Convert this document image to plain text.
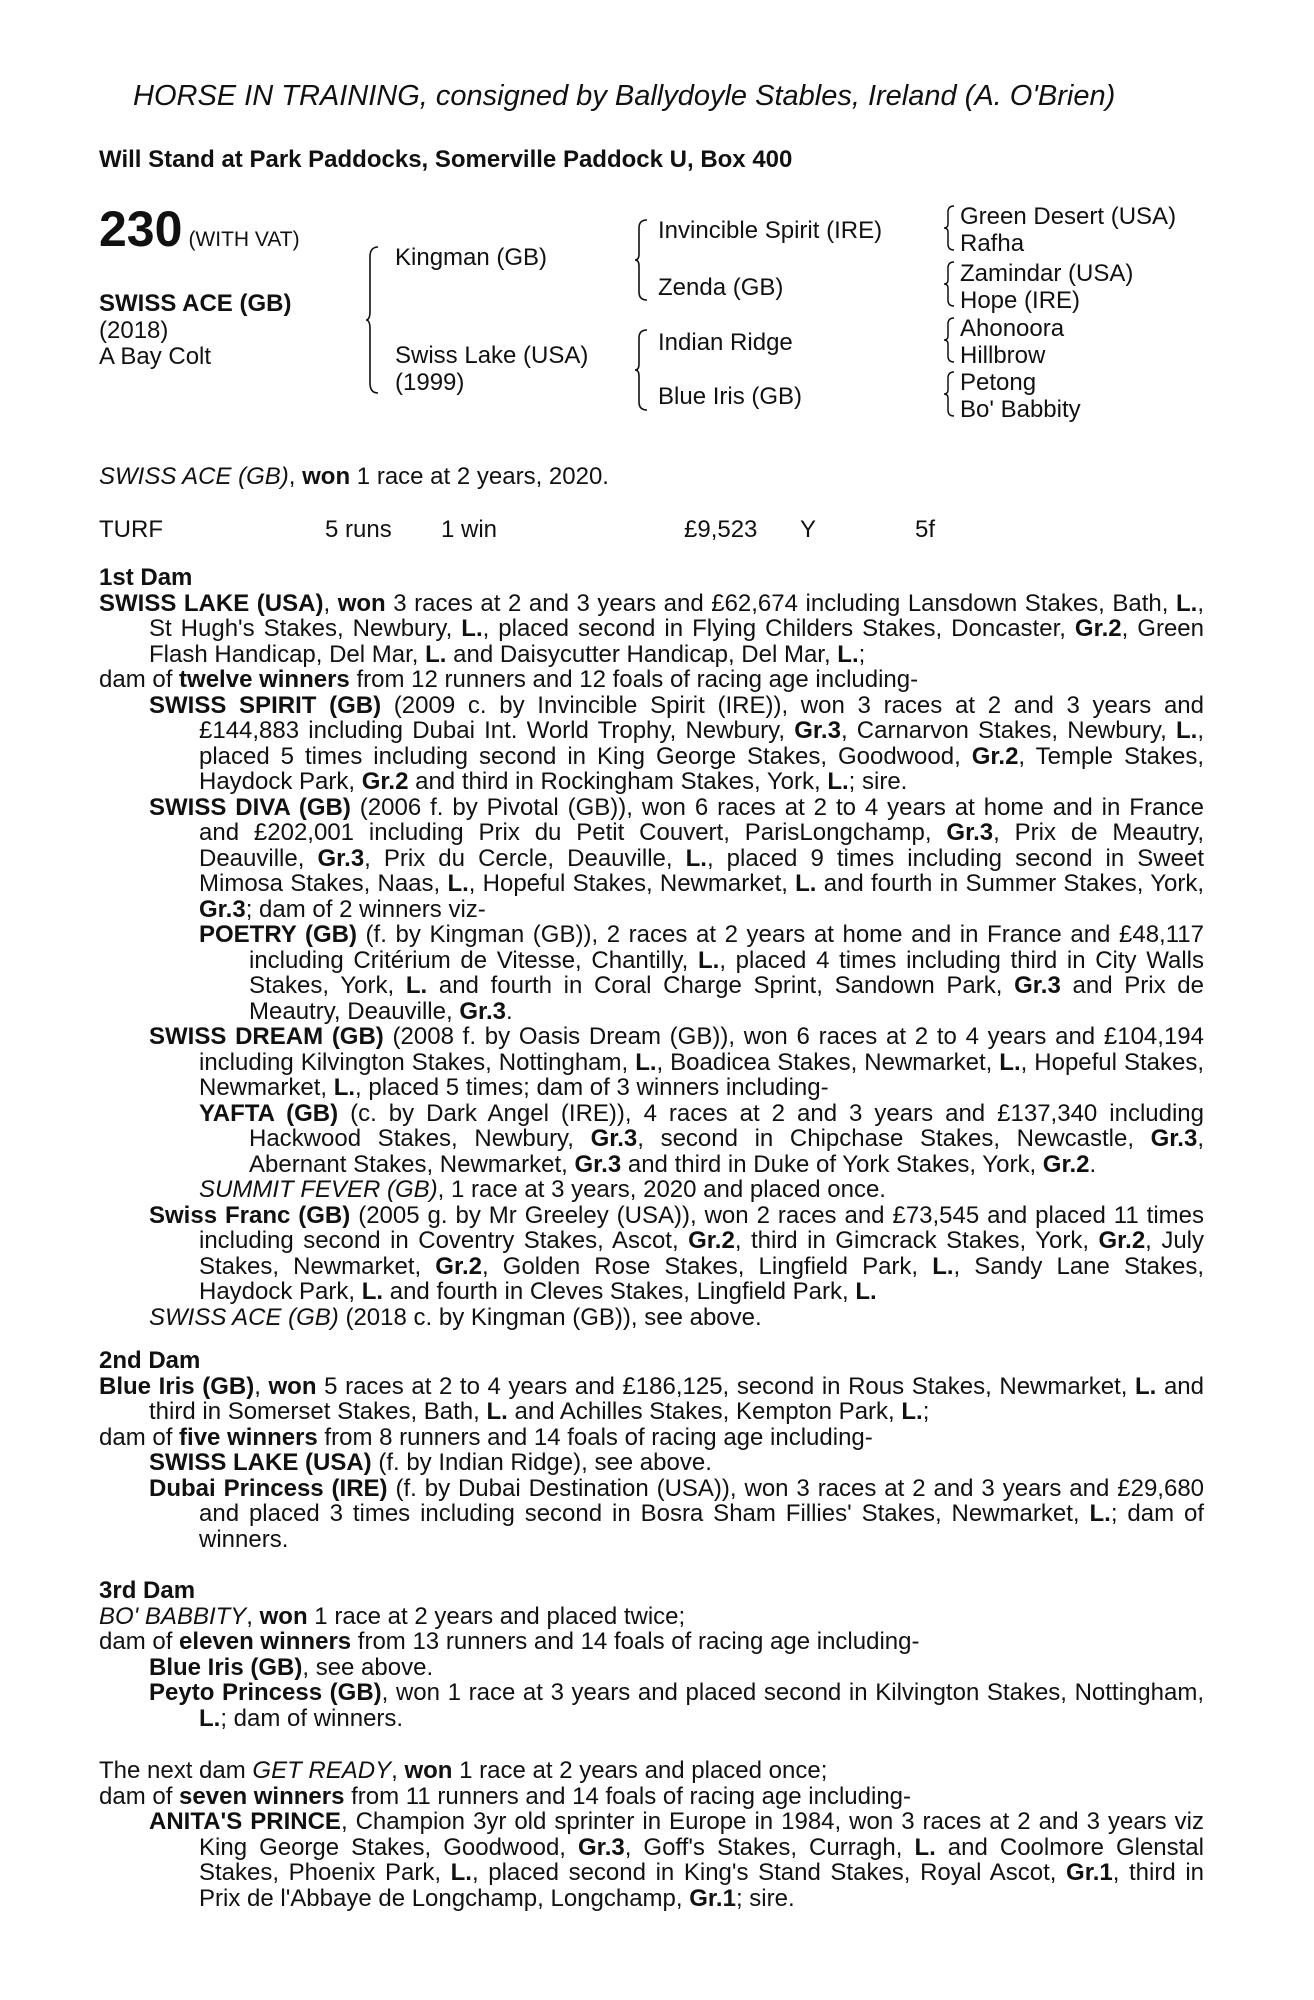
HORSE IN TRAINING, consigned by Ballydoyle Stables, Ireland (A. O'Brien)
Will Stand at Park Paddocks, Somerville Paddock U, Box 400
230 (WITH VAT)
SWISS ACE (GB)
(2018)
A Bay Colt
Kingman (GB)
Swiss Lake (USA)
(1999)
Invincible Spirit (IRE)
Zenda (GB)
Indian Ridge
Blue Iris (GB)
Green Desert (USA)
Rafha
Zamindar (USA)
Hope (IRE)
Ahonoora
Hillbrow
Petong
Bo' Babbity
SWISS ACE (GB), won 1 race at 2 years, 2020.
TURF	5 runs 1 win	£9,523 Y	5f
1st Dam

SWISS LAKE (USA), won 3 races at 2 and 3 years and £62,674 including Lansdown Stakes, Bath, L., St Hugh's Stakes, Newbury, L., placed second in Flying Childers Stakes, Doncaster, Gr.2, Green Flash Handicap, Del Mar, L. and Daisycutter Handicap, Del Mar, L.;

dam of twelve winners from 12 runners and 12 foals of racing age including-

SWISS SPIRIT (GB) (2009 c. by Invincible Spirit (IRE)), won 3 races at 2 and 3 years and £144,883 including Dubai Int. World Trophy, Newbury, Gr.3, Carnarvon Stakes, Newbury, L., placed 5 times including second in King George Stakes, Goodwood, Gr.2, Temple Stakes, Haydock Park, Gr.2 and third in Rockingham Stakes, York, L.; sire.

SWISS DIVA (GB) (2006 f. by Pivotal (GB)), won 6 races at 2 to 4 years at home and in France and £202,001 including Prix du Petit Couvert, ParisLongchamp, Gr.3, Prix de Meautry, Deauville, Gr.3, Prix du Cercle, Deauville, L., placed 9 times including second in Sweet Mimosa Stakes, Naas, L., Hopeful Stakes, Newmarket, L. and fourth in Summer Stakes, York, Gr.3; dam of 2 winners viz-

POETRY (GB) (f. by Kingman (GB)), 2 races at 2 years at home and in France and £48,117 including Critérium de Vitesse, Chantilly, L., placed 4 times including third in City Walls Stakes, York, L. and fourth in Coral Charge Sprint, Sandown Park, Gr.3 and Prix de Meautry, Deauville, Gr.3.

SWISS DREAM (GB) (2008 f. by Oasis Dream (GB)), won 6 races at 2 to 4 years and £104,194 including Kilvington Stakes, Nottingham, L., Boadicea Stakes, Newmarket, L., Hopeful Stakes, Newmarket, L., placed 5 times; dam of 3 winners including-

YAFTA (GB) (c. by Dark Angel (IRE)), 4 races at 2 and 3 years and £137,340 including Hackwood Stakes, Newbury, Gr.3, second in Chipchase Stakes, Newcastle, Gr.3, Abernant Stakes, Newmarket, Gr.3 and third in Duke of York Stakes, York, Gr.2.

SUMMIT FEVER (GB), 1 race at 3 years, 2020 and placed once.

Swiss Franc (GB) (2005 g. by Mr Greeley (USA)), won 2 races and £73,545 and placed 11 times including second in Coventry Stakes, Ascot, Gr.2, third in Gimcrack Stakes, York, Gr.2, July Stakes, Newmarket, Gr.2, Golden Rose Stakes, Lingfield Park, L., Sandy Lane Stakes, Haydock Park, L. and fourth in Cleves Stakes, Lingfield Park, L.

SWISS ACE (GB) (2018 c. by Kingman (GB)), see above.

2nd Dam

Blue Iris (GB), won 5 races at 2 to 4 years and £186,125, second in Rous Stakes, Newmarket, L. and third in Somerset Stakes, Bath, L. and Achilles Stakes, Kempton Park, L.;

dam of five winners from 8 runners and 14 foals of racing age including-

SWISS LAKE (USA) (f. by Indian Ridge), see above.

Dubai Princess (IRE) (f. by Dubai Destination (USA)), won 3 races at 2 and 3 years and £29,680 and placed 3 times including second in Bosra Sham Fillies' Stakes, Newmarket, L.; dam of winners.

3rd Dam

BO' BABBITY, won 1 race at 2 years and placed twice;

dam of eleven winners from 13 runners and 14 foals of racing age including-

Blue Iris (GB), see above.

Peyto Princess (GB), won 1 race at 3 years and placed second in Kilvington Stakes, Nottingham, L.; dam of winners.

The next dam GET READY, won 1 race at 2 years and placed once;

dam of seven winners from 11 runners and 14 foals of racing age including-

ANITA'S PRINCE, Champion 3yr old sprinter in Europe in 1984, won 3 races at 2 and 3 years viz King George Stakes, Goodwood, Gr.3, Goff's Stakes, Curragh, L. and Coolmore Glenstal Stakes, Phoenix Park, L., placed second in King's Stand Stakes, Royal Ascot, Gr.1, third in Prix de l'Abbaye de Longchamp, Longchamp, Gr.1; sire.
